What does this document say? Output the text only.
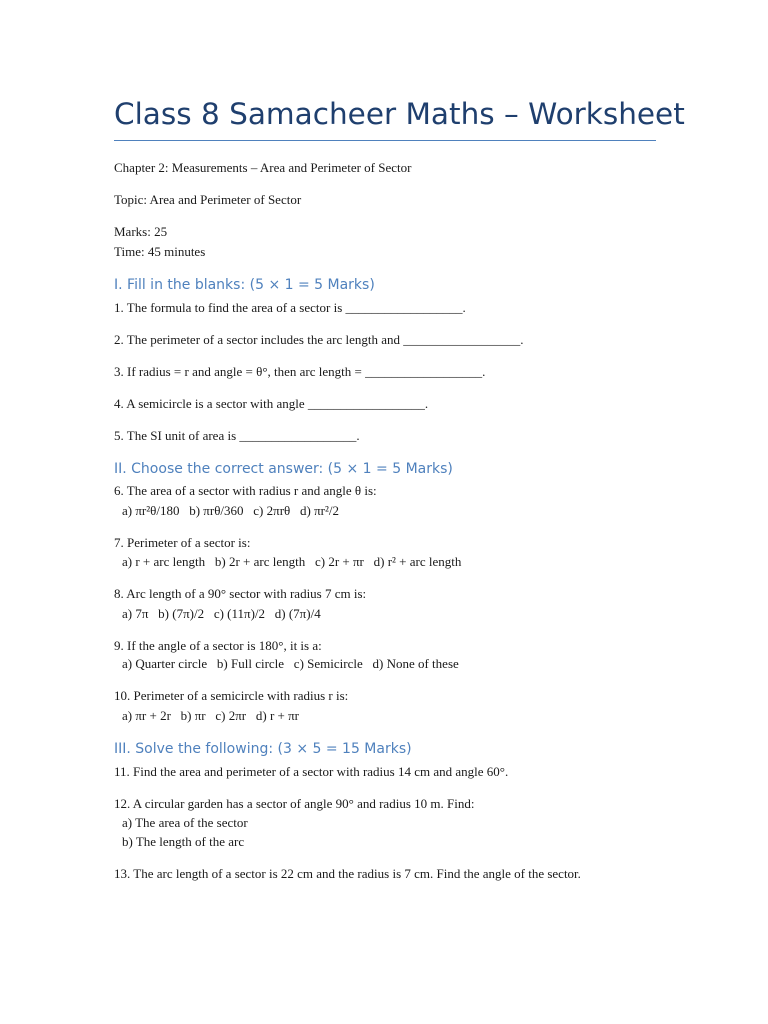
Class 8 Samacheer Maths – Worksheet
Chapter 2: Measurements – Area and Perimeter of Sector
Topic: Area and Perimeter of Sector
Marks: 25
Time: 45 minutes
I. Fill in the blanks: (5 × 1 = 5 Marks)
1. The formula to find the area of a sector is __________________.
2. The perimeter of a sector includes the arc length and __________________.
3. If radius = r and angle = θ°, then arc length = __________________.
4. A semicircle is a sector with angle __________________.
5. The SI unit of area is __________________.
II. Choose the correct answer: (5 × 1 = 5 Marks)
6. The area of a sector with radius r and angle θ is:
a) πr²θ/180   b) πrθ/360   c) 2πrθ   d) πr²/2
7. Perimeter of a sector is:
a) r + arc length   b) 2r + arc length   c) 2r + πr   d) r² + arc length
8. Arc length of a 90° sector with radius 7 cm is:
a) 7π   b) (7π)/2   c) (11π)/2   d) (7π)/4
9. If the angle of a sector is 180°, it is a:
a) Quarter circle   b) Full circle   c) Semicircle   d) None of these
10. Perimeter of a semicircle with radius r is:
a) πr + 2r   b) πr   c) 2πr   d) r + πr
III. Solve the following: (3 × 5 = 15 Marks)
11. Find the area and perimeter of a sector with radius 14 cm and angle 60°.
12. A circular garden has a sector of angle 90° and radius 10 m. Find:
a) The area of the sector
b) The length of the arc
13. The arc length of a sector is 22 cm and the radius is 7 cm. Find the angle of the sector.
